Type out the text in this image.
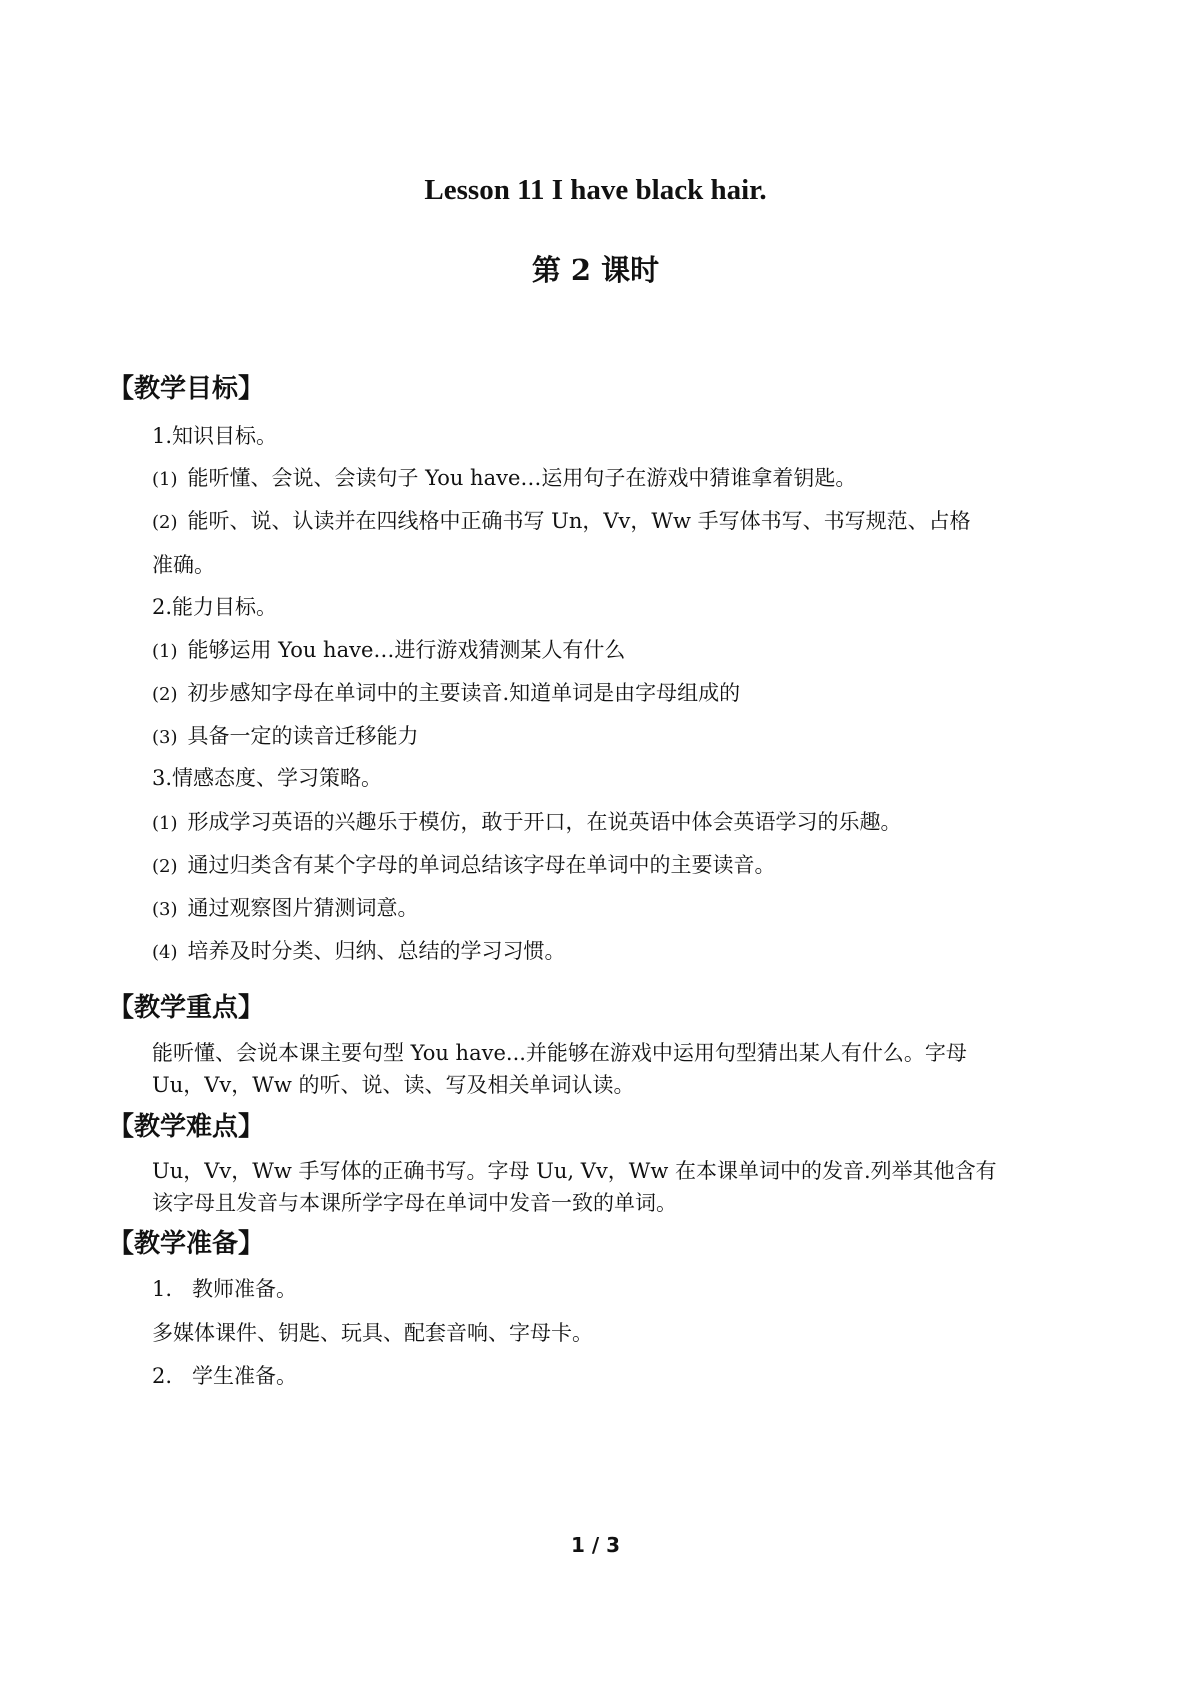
Lesson 11 I have black hair.
第 2 课时
【教学目标】
1.知识目标。
(1) 能听懂、会说、会读句子 You have…运用句子在游戏中猜谁拿着钥匙。
(2) 能听、说、认读并在四线格中正确书写 Un，Vv，Ww 手写体书写、书写规范、占格
准确。
2.能力目标。
(1) 能够运用 You have…进行游戏猜测某人有什么
(2) 初步感知字母在单词中的主要读音.知道单词是由字母组成的
(3) 具备一定的读音迁移能力
3.情感态度、学习策略。
(1) 形成学习英语的兴趣乐于模仿，敢于开口，在说英语中体会英语学习的乐趣。
(2) 通过归类含有某个字母的单词总结该字母在单词中的主要读音。
(3) 通过观察图片猜测词意。
(4) 培养及时分类、归纳、总结的学习习惯。
【教学重点】
能听懂、会说本课主要句型 You have...并能够在游戏中运用句型猜出某人有什么。字母
Uu，Vv，Ww 的听、说、读、写及相关单词认读。
【教学难点】
Uu，Vv，Ww 手写体的正确书写。字母 Uu, Vv，Ww 在本课单词中的发音.列举其他含有
该字母且发音与本课所学字母在单词中发音一致的单词。
【教学准备】
1. 教师准备。
多媒体课件、钥匙、玩具、配套音响、字母卡。
2. 学生准备。
1 / 3
